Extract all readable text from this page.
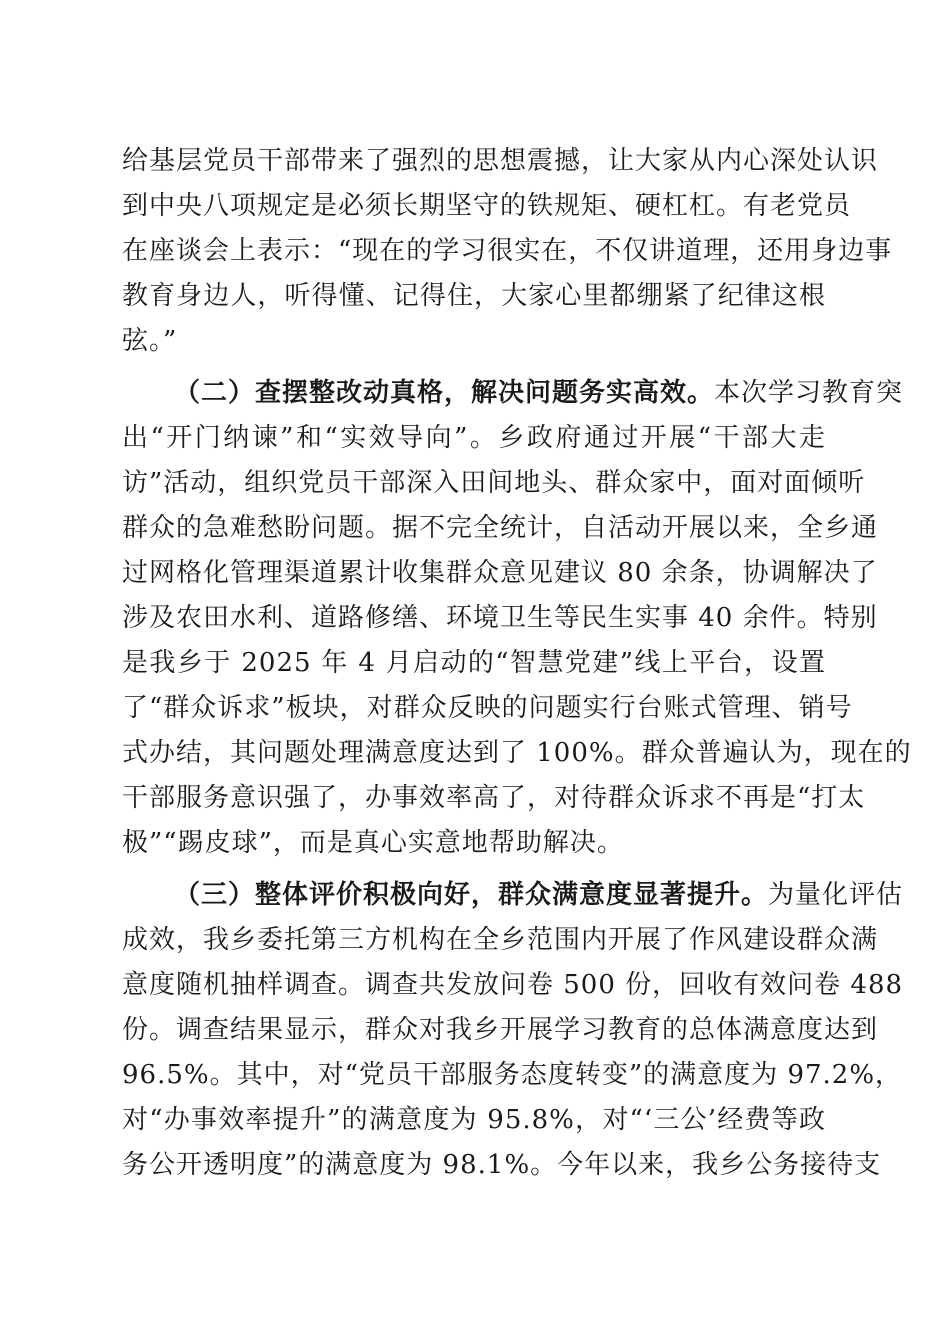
给基层党员干部带来了强烈的思想震撼，让大家从内心深处认识
到中央八项规定是必须长期坚守的铁规矩、硬杠杠。有老党员
在座谈会上表示：“现在的学习很实在，不仅讲道理，还用身边事
教育身边人，听得懂、记得住，大家心里都绷紧了纪律这根
弦。”
（二）查摆整改动真格，解决问题务实高效。本次学习教育突
出“开门纳谏”和“实效导向”。乡政府通过开展“干部大走
访”活动，组织党员干部深入田间地头、群众家中，面对面倾听
群众的急难愁盼问题。据不完全统计，自活动开展以来，全乡通
过网格化管理渠道累计收集群众意见建议 80 余条，协调解决了
涉及农田水利、道路修缮、环境卫生等民生实事 40 余件。特别
是我乡于 2025 年 4 月启动的“智慧党建”线上平台，设置
了“群众诉求”板块，对群众反映的问题实行台账式管理、销号
式办结，其问题处理满意度达到了 100%。群众普遍认为，现在的
干部服务意识强了，办事效率高了，对待群众诉求不再是“打太
极”“踢皮球”，而是真心实意地帮助解决。
（三）整体评价积极向好，群众满意度显著提升。为量化评估
成效，我乡委托第三方机构在全乡范围内开展了作风建设群众满
意度随机抽样调查。调查共发放问卷 500 份，回收有效问卷 488
份。调查结果显示，群众对我乡开展学习教育的总体满意度达到
96.5%。其中，对“党员干部服务态度转变”的满意度为 97.2%，
对“办事效率提升”的满意度为 95.8%，对“‘三公’经费等政
务公开透明度”的满意度为 98.1%。今年以来，我乡公务接待支
